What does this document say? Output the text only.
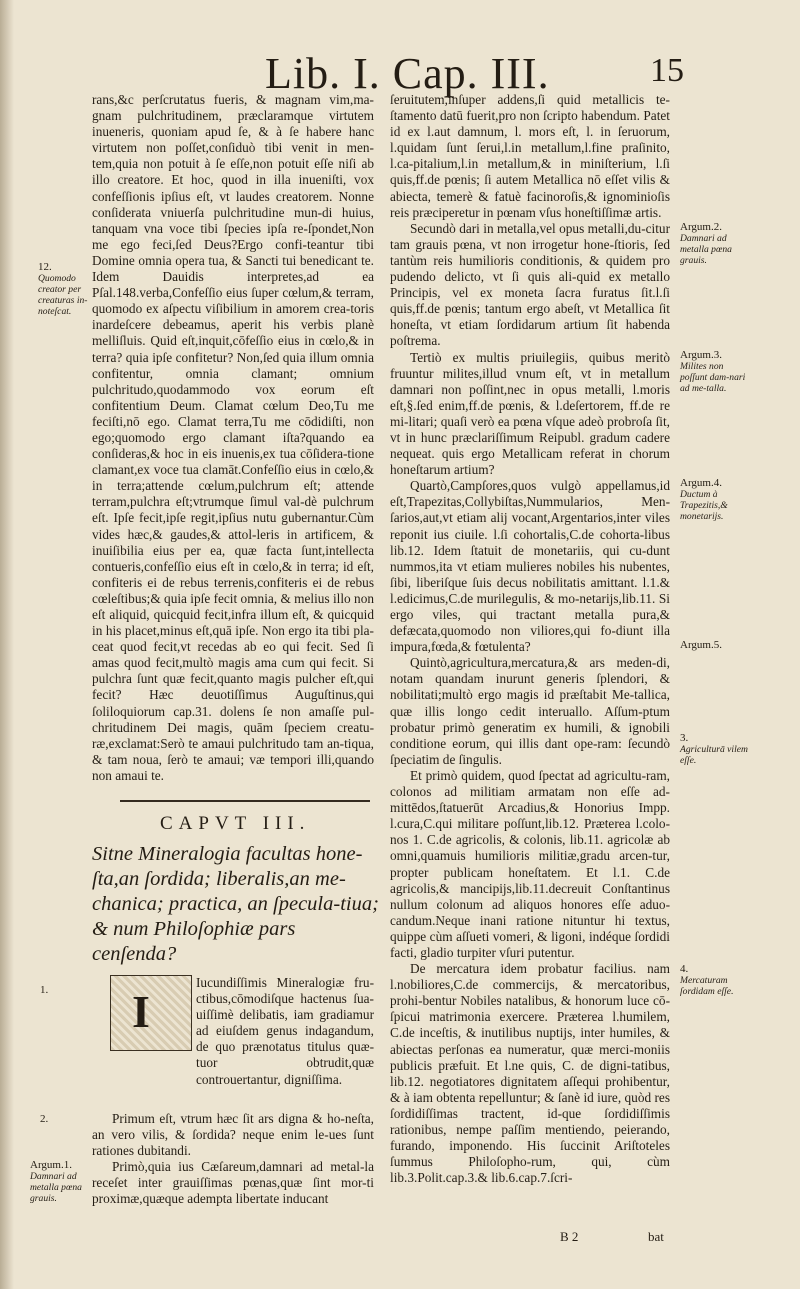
Lib. I. Cap. III.	15

rans,&c perſcrutatus fueris, & magnam vim,ma-gnam pulchritudinem, præclaramque virtutem inueneris, quoniam apud ſe, & à ſe habere hanc virtutem non poſſet,conſiduò tibi venit in men-tem,quia non potuit à ſe eſſe,non potuit eſſe niſi ab illo creatore. Et hoc, quod in illa inueniſti, vox confeſſionis ipſius eſt, vt laudes creatorem. Nonne conſiderata vniuerſa pulchritudine mun-di huius, tanquam vna voce tibi ſpecies ipſa re-ſpondet,Non me ego feci,ſed Deus?Ergo confi-teantur tibi Domine omnia opera tua, & Sancti tui benedicant te. Idem Dauidis interpretes,ad ea Pſal.148.verba,Confeſſio eius ſuper cœlum,& terram, quomodo ex aſpectu viſibilium in amorem crea-toris inardeſcere debeamus, aperit his verbis planè melliſluis. Quid eſt,inquit,cōfeſſio eius in cœlo,& in terra? quia ipſe confitetur? Non,ſed quia illum omnia confitentur, omnia clamant; omnium pulchritudo,quodammodo vox eorum eſt confitentium Deum. Clamat cœlum Deo,Tu me feciſti,nō ego. Clamat terra,Tu me cōdidiſti, non ego;quomodo ergo clamant iſta?quando ea conſideras,& hoc in eis inuenis,ex tua cōſidera-tione clamant,ex voce tua clamāt.Confeſſio eius in cœlo,& in terra;attende cœlum,pulchrum eſt; attende terram,pulchra eſt;vtrumque ſimul val-dè pulchrum eſt. Ipſe fecit,ipſe regit,ipſius nutu gubernantur.Cùm vides hæc,& gaudes,& attol-leris in artificem, & inuiſibilia eius per ea, quæ facta ſunt,intellecta contueris,confeſſio eius eſt in cœlo,& in terra; id eſt, confiteris ei de rebus terrenis,confiteris ei de rebus cœleſtibus;& quia ipſe fecit omnia, & melius illo non eſt aliquid, quicquid fecit,infra illum eſt, & quicquid in his placet,minus eſt,quā ipſe. Non ergo ita tibi pla-ceat quod fecit,vt recedas ab eo qui fecit. Sed ſi amas quod fecit,multò magis ama cum qui fecit. Si pulchra ſunt quæ fecit,quanto magis pulcher eſt,qui fecit? Hæc deuotiſſimus Auguſtinus,qui ſoliloquiorum cap.31. dolens ſe non amaſſe pul-chritudinem Dei magis, quām ſpeciem creatu-ræ,exclamat:Serò te amaui pulchritudo tam an-tiqua, & tam noua, ſerò te amaui; væ tempori illi,quando non amaui te.

12.
Quomodo creator per creaturas in-noteſcat.
CAPVT III.
Sitne Mineralogia facultas hone-ſta,an ſordida; liberalis,an me-chanica; practica, an ſpecula-tiua; & num Philoſophiæ pars cenſenda?
I

Iucundiſſimis Mineralogiæ fru-ctibus,cōmodiſque hactenus ſua-uiſſimè delibatis, iam gradiamur ad eiuſdem genus indagandum, de quo prænotatus titulus quæ-tuor obtrudit,quæ controuertantur, digniſſima.

Primum eſt, vtrum hæc ſit ars digna & ho-neſta, an vero vilis, & ſordida? neque enim le-ues ſunt rationes dubitandi.

Primò,quia ius Cæſareum,damnari ad metal-la receſet inter grauiſſimas pœnas,quæ ſint mor-ti proximæ,quæque adempta libertate inducant

1.
2.
Argum.1.
Damnari ad metalla pœna grauis.

ſeruitutem,inſuper addens,ſi quid metallicis te-ſtamento datū fuerit,pro non ſcripto habendum. Patet id ex l.aut damnum, l. mors eſt, l. in ſeruorum, l.quidam ſunt ſerui,l.in metallum,l.fine praſinito, l.ca-pitalium,l.in metallum,& in miniſterium, l.ſi quis,ff.de pœnis; ſi autem Metallica nō eſſet vilis & abiecta, temerè & fatuè facinoroſis,& ignominioſis reis præciperetur in pœnam vſus honeſtiſſimæ artis.

Secundò dari in metalla,vel opus metalli,du-citur tam grauis pœna, vt non irrogetur hone-ſtioris, ſed tantùm reis humilioris conditionis, & quidem pro pudendo delicto, vt ſi quis ali-quid ex metallo Principis, vel ex moneta ſacra furatus ſit.l.ſi quis,ff.de pœnis; tantum ergo abeſt, vt Metallica ſit honeſta, vt etiam ſordidarum artium ſit habenda poſtrema.

Tertiò ex multis priuilegiis, quibus meritò fruuntur milites,illud vnum eſt, vt in metallum damnari non poſſint,nec in opus metalli, l.moris eſt,§.ſed enim,ff.de pœnis, & l.deſertorem, ff.de re mi-litari; quaſi verò ea pœna vſque adeò probroſa ſit, vt in hunc præclariſſimum Reipubl. gradum cadere nequeat. quis ergo Metallicam referat in chorum honeſtarum artium?

Quartò,Campſores,quos vulgò appellamus,id eſt,Trapezitas,Collybiſtas,Nummularios, Men-ſarios,aut,vt etiam alij vocant,Argentarios,inter viles reponit ius ciuile. l.ſi cohortalis,C.de cohorta-libus lib.12. Idem ſtatuit de monetariis, qui cu-dunt nummos,ita vt etiam mulieres nobiles his nubentes, ſibi, liberiſque ſuis decus nobilitatis amittant. l.1.& l.edicimus,C.de murilegulis, & mo-netarijs,lib.11. Si ergo viles, qui tractant metalla pura,& defæcata,quomodo non viliores,qui fo-diunt illa impura,fœda,& fœtulenta?

Quintò,agricultura,mercatura,& ars meden-di, notam quandam inurunt generis ſplendori, & nobilitati;multò ergo magis id præſtabit Me-tallica, quæ illis longo cedit interuallo. Aſſum-ptum probatur primò generatim ex humili, & ignobili conditione eorum, qui illis dant ope-ram: ſecundò ſpeciatim de ſingulis.

Et primò quidem, quod ſpectat ad agricultu-ram, colonos ad militiam armatam non eſſe ad-mittēdos,ſtatuerūt Arcadius,& Honorius Impp. l.cura,C.qui militare poſſunt,lib.12. Præterea l.colo-nos 1. C.de agricolis, & colonis, lib.11. agricolæ ab omni,quamuis humilioris militiæ,gradu arcen-tur, propter publicam honeſtatem. Et l.1. C.de agricolis,& mancipijs,lib.11.decreuit Conſtantinus nullum colonum ad aliquos honores eſſe aduo-candum.Neque inani ratione nituntur hi textus, quippe cùm aſſueti vomeri, & ligoni, indéque ſordidi facti, gladio turpiter vſuri putentur.

De mercatura idem probatur facilius. nam l.nobiliores,C.de commercijs, & mercatoribus, prohi-bentur Nobiles natalibus, & honorum luce cō-ſpicui matrimonia exercere. Præterea l.humilem, C.de inceſtis, & inutilibus nuptijs, inter humiles, & abiectas perſonas ea numeratur, quæ merci-moniis publicis præfuit. Et l.ne quis, C. de digni-tatibus, lib.12. negotiatores dignitatem aſſequi prohibentur, & à iam obtenta repelluntur; & ſanè id iure, quòd res ſordidiſſimas tractent, id-que ſordidiſſimis rationibus, nempe paſſim mentiendo, peierando, furando, imponendo. His ſuccinit Ariſtoteles ſummus Philoſopho-rum, qui, cùm lib.3.Polit.cap.3.& lib.6.cap.7.ſcri-

Argum.2.
Damnari ad metalla pœna grauis.
Argum.3.
Milites non poſſunt dam-nari ad me-talla.
Argum.4.
Ductum à Trapezitis,& monetarijs.
Argum.5.
3.
Agriculturā vilem eſſe.
4.
Mercaturam ſordidam eſſe.
B 2	bat
